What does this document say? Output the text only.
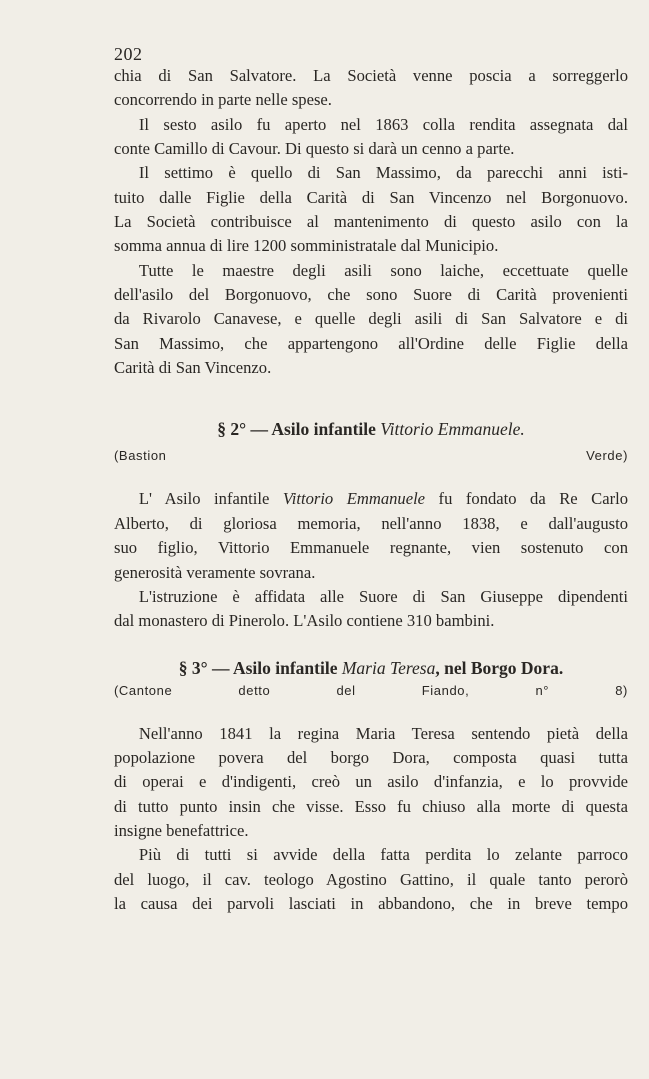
202

chia di San Salvatore. La Società venne poscia a sorreggerlo

concorrendo in parte nelle spese.

Il sesto asilo fu aperto nel 1863 colla rendita assegnata dal

conte Camillo di Cavour. Di questo si darà un cenno a parte.

Il settimo è quello di San Massimo, da parecchi anni isti-

tuito dalle Figlie della Carità di San Vincenzo nel Borgonuovo.

La Società contribuisce al mantenimento di questo asilo con la

somma annua di lire 1200 somministratale dal Municipio.

Tutte le maestre degli asili sono laiche, eccettuate quelle

dell'asilo del Borgonuovo, che sono Suore di Carità provenienti

da Rivarolo Canavese, e quelle degli asili di San Salvatore e di

San Massimo, che appartengono all'Ordine delle Figlie della

Carità di San Vincenzo.

§ 2° — Asilo infantile Vittorio Emmanuele.

(Bastion Verde)

L' Asilo infantile Vittorio Emmanuele fu fondato da Re Carlo

Alberto, di gloriosa memoria, nell'anno 1838, e dall'augusto

suo figlio, Vittorio Emmanuele regnante, vien sostenuto con

generosità veramente sovrana.

L'istruzione è affidata alle Suore di San Giuseppe dipendenti

dal monastero di Pinerolo. L'Asilo contiene 310 bambini.

§ 3° — Asilo infantile Maria Teresa, nel Borgo Dora.

(Cantone detto del Fiando, n° 8)

Nell'anno 1841 la regina Maria Teresa sentendo pietà della

popolazione povera del borgo Dora, composta quasi tutta

di operai e d'indigenti, creò un asilo d'infanzia, e lo provvide

di tutto punto insin che visse. Esso fu chiuso alla morte di questa

insigne benefattrice.

Più di tutti si avvide della fatta perdita lo zelante parroco

del luogo, il cav. teologo Agostino Gattino, il quale tanto perorò

la causa dei parvoli lasciati in abbandono, che in breve tempo
